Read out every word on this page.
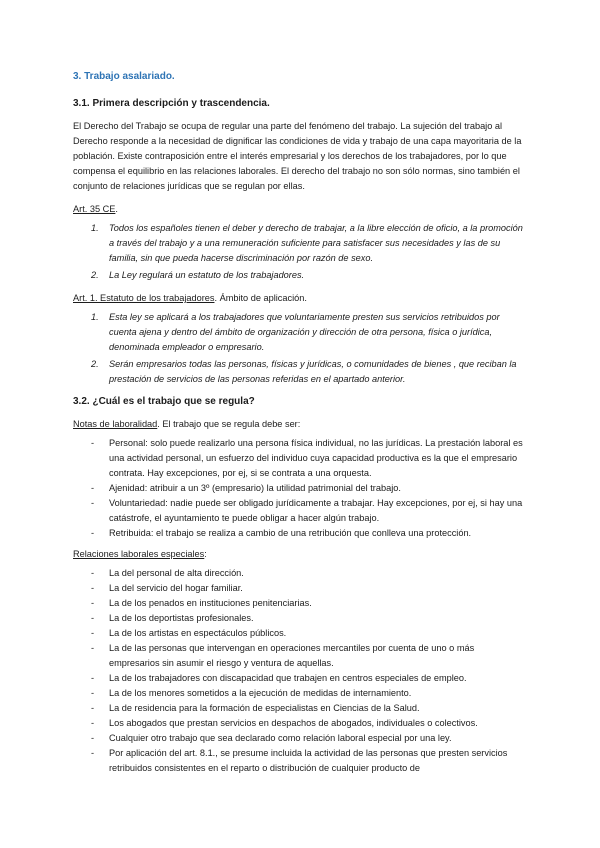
3. Trabajo asalariado.
3.1. Primera descripción y trascendencia.

El Derecho del Trabajo se ocupa de regular una parte del fenómeno del trabajo. La sujeción del trabajo al Derecho responde a la necesidad de dignificar las condiciones de vida y trabajo de una capa mayoritaria de la población. Existe contraposición entre el interés empresarial y los derechos de los trabajadores, por lo que compensa el equilibrio en las relaciones laborales. El derecho del trabajo no son sólo normas, sino también el conjunto de relaciones jurídicas que se regulan por ellas.

Art. 35 CE.
1. Todos los españoles tienen el deber y derecho de trabajar, a la libre elección de oficio, a la promoción a través del trabajo y a una remuneración suficiente para satisfacer sus necesidades y las de su familia, sin que pueda hacerse discriminación por razón de sexo.
2. La Ley regulará un estatuto de los trabajadores.
Art. 1. Estatuto de los trabajadores. Ámbito de aplicación.
1. Esta ley se aplicará a los trabajadores que voluntariamente presten sus servicios retribuidos por cuenta ajena y dentro del ámbito de organización y dirección de otra persona, física o jurídica, denominada empleador o empresario.
2. Serán empresarios todas las personas, físicas y jurídicas, o comunidades de bienes , que reciban la prestación de servicios de las personas referidas en el apartado anterior.
3.2. ¿Cuál es el trabajo que se regula?
Notas de laboralidad. El trabajo que se regula debe ser:
- Personal: solo puede realizarlo una persona física individual, no las jurídicas. La prestación laboral es una actividad personal, un esfuerzo del individuo cuya capacidad productiva es la que el empresario contrata. Hay excepciones, por ej, si se contrata a una orquesta.
- Ajenidad: atribuir a un 3º (empresario) la utilidad patrimonial del trabajo.
- Voluntariedad: nadie puede ser obligado jurídicamente a trabajar. Hay excepciones, por ej, si hay una catástrofe, el ayuntamiento te puede obligar a hacer algún trabajo.
- Retribuida: el trabajo se realiza a cambio de una retribución que conlleva una protección.
Relaciones laborales especiales:
- La del personal de alta dirección.
- La del servicio del hogar familiar.
- La de los penados en instituciones penitenciarias.
- La de los deportistas profesionales.
- La de los artistas en espectáculos públicos.
- La de las personas que intervengan en operaciones mercantiles por cuenta de uno o más empresarios sin asumir el riesgo y ventura de aquellas.
- La de los trabajadores con discapacidad que trabajen en centros especiales de empleo.
- La de los menores sometidos a la ejecución de medidas de internamiento.
- La de residencia para la formación de especialistas en Ciencias de la Salud.
- Los abogados que prestan servicios en despachos de abogados, individuales o colectivos.
- Cualquier otro trabajo que sea declarado como relación laboral especial por una ley.
- Por aplicación del art. 8.1., se presume incluida la actividad de las personas que presten servicios retribuidos consistentes en el reparto o distribución de cualquier producto de
